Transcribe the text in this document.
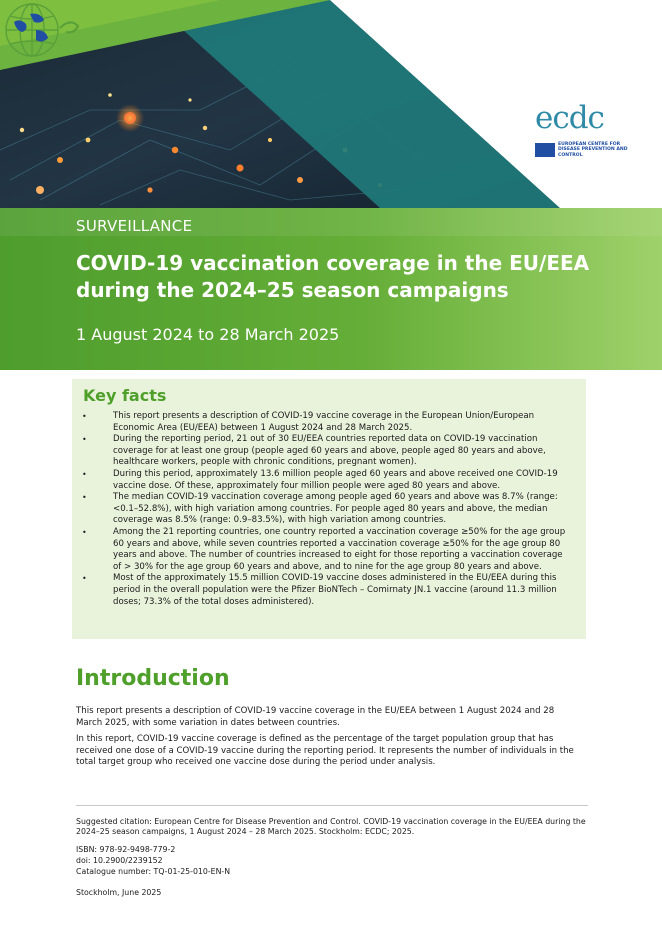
ecdc
EUROPEAN CENTRE FOR DISEASE PREVENTION AND CONTROL
SURVEILLANCE
COVID-19 vaccination coverage in the EU/EEA during the 2024–25 season campaigns
1 August 2024 to 28 March 2025
Key facts
•	This report presents a description of COVID-19 vaccine coverage in the European Union/European Economic Area (EU/EEA) between 1 August 2024 and 28 March 2025.
•	During the reporting period, 21 out of 30 EU/EEA countries reported data on COVID-19 vaccination coverage for at least one group (people aged 60 years and above, people aged 80 years and above, healthcare workers, people with chronic conditions, pregnant women).
•	During this period, approximately 13.6 million people aged 60 years and above received one COVID-19 vaccine dose. Of these, approximately four million people were aged 80 years and above.
•	The median COVID-19 vaccination coverage among people aged 60 years and above was 8.7% (range: <0.1–52.8%), with high variation among countries. For people aged 80 years and above, the median coverage was 8.5% (range: 0.9–83.5%), with high variation among countries.
•	Among the 21 reporting countries, one country reported a vaccination coverage ≥50% for the age group 60 years and above, while seven countries reported a vaccination coverage ≥50% for the age group 80 years and above. The number of countries increased to eight for those reporting a vaccination coverage of > 30% for the age group 60 years and above, and to nine for the age group 80 years and above.
•	Most of the approximately 15.5 million COVID-19 vaccine doses administered in the EU/EEA during this period in the overall population were the Pfizer BioNTech – Comirnaty JN.1 vaccine (around 11.3 million doses; 73.3% of the total doses administered).
Introduction

This report presents a description of COVID-19 vaccine coverage in the EU/EEA between 1 August 2024 and 28 March 2025, with some variation in dates between countries.

In this report, COVID-19 vaccine coverage is defined as the percentage of the target population group that has received one dose of a COVID-19 vaccine during the reporting period. It represents the number of individuals in the total target group who received one vaccine dose during the period under analysis.

Suggested citation: European Centre for Disease Prevention and Control. COVID-19 vaccination coverage in the EU/EEA during the 2024–25 season campaigns, 1 August 2024 – 28 March 2025. Stockholm: ECDC; 2025.

ISBN: 978-92-9498-779-2

doi: 10.2900/2239152

Catalogue number: TQ-01-25-010-EN-N

Stockholm, June 2025
